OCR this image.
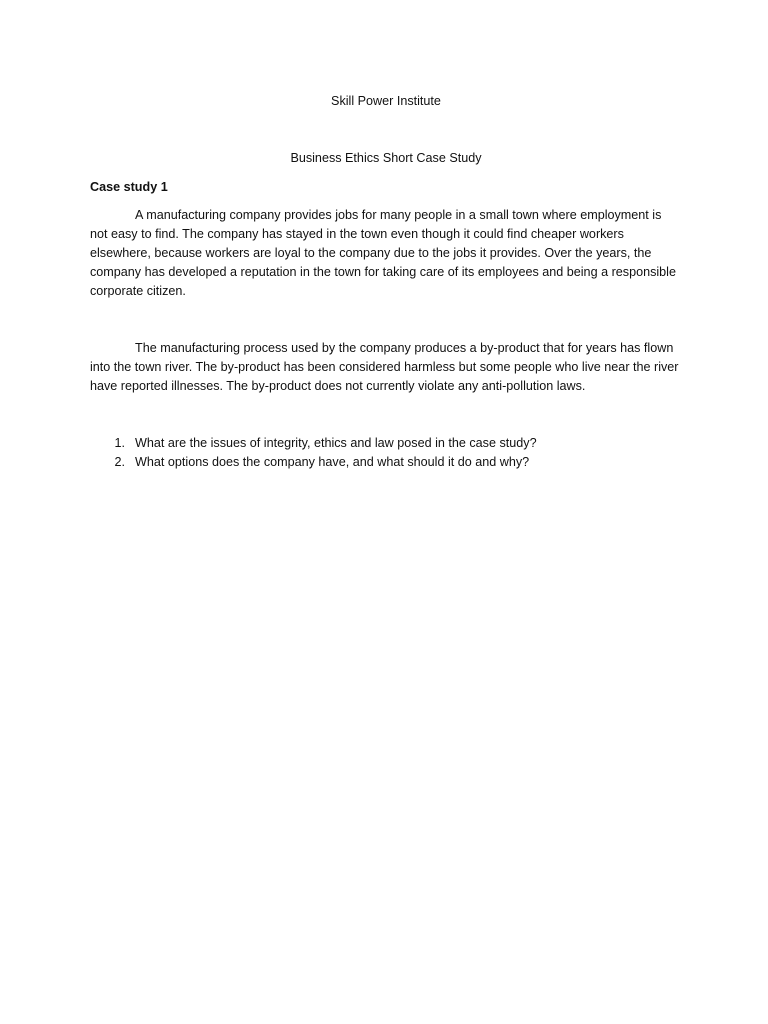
Skill Power Institute
Business Ethics Short Case Study
Case study 1

A manufacturing company provides jobs for many people in a small town where employment is not easy to find. The company has stayed in the town even though it could find cheaper workers elsewhere, because workers are loyal to the company due to the jobs it provides. Over the years, the company has developed a reputation in the town for taking care of its employees and being a responsible corporate citizen.

The manufacturing process used by the company produces a by-product that for years has flown into the town river. The by-product has been considered harmless but some people who live near the river have reported illnesses. The by-product does not currently violate any anti-pollution laws.

1. What are the issues of integrity, ethics and law posed in the case study?
2. What options does the company have, and what should it do and why?
